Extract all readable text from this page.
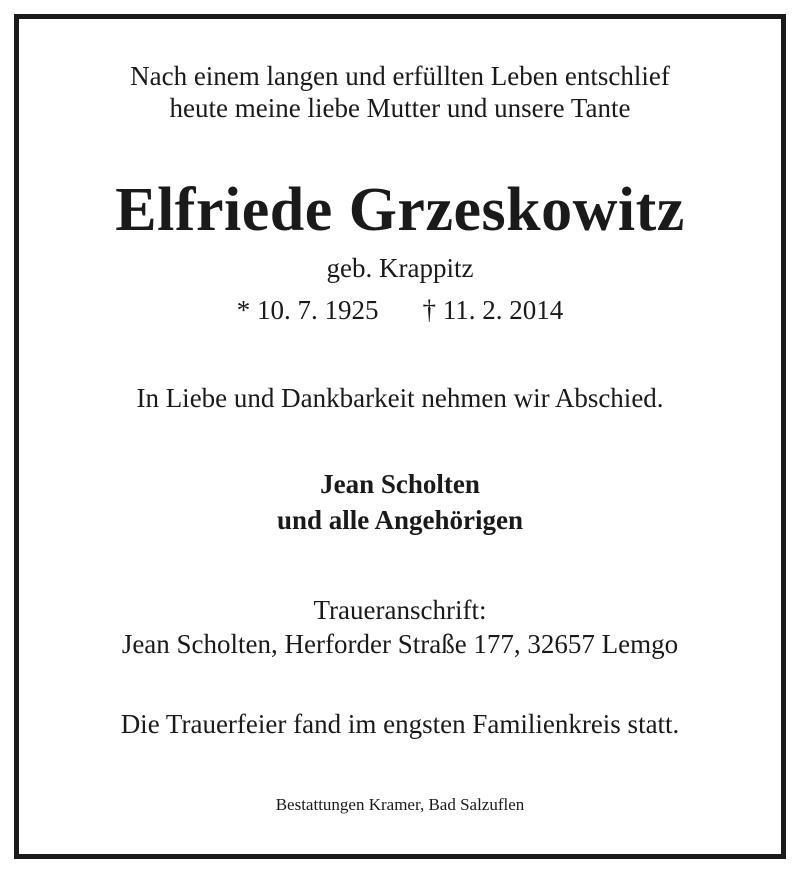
Nach einem langen und erfüllten Leben entschlief
heute meine liebe Mutter und unsere Tante
Elfriede Grzeskowitz
geb. Krappitz
* 10. 7. 1925 † 11. 2. 2014
In Liebe und Dankbarkeit nehmen wir Abschied.
Jean Scholten
und alle Angehörigen
Traueranschrift:
Jean Scholten, Herforder Straße 177, 32657 Lemgo
Die Trauerfeier fand im engsten Familienkreis statt.
Bestattungen Kramer, Bad Salzuflen
